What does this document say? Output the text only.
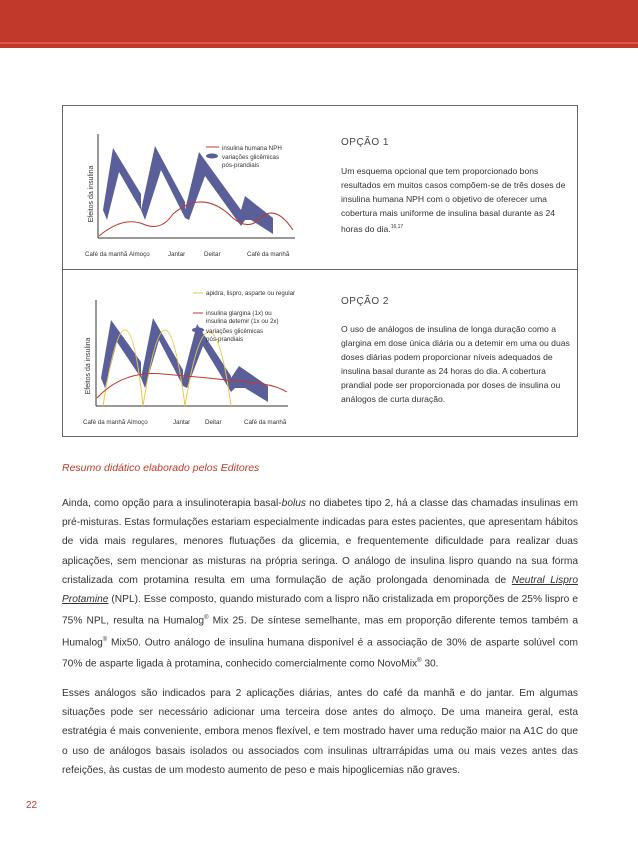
Efeitos da insulina
insulina humana NPH
variações glicêmicas pós-prandiais
Café da manhã Almoço	Jantar	Deitar	Café da manhã
OPÇÃO 1

Um esquema opcional que tem proporcionado bons resultados em muitos casos compõem-se de três doses de insulina humana NPH com o objetivo de oferecer uma cobertura mais uniforme de insulina basal durante as 24 horas do dia.$^{16,17}$

Efeitos da insulina
apidra, lispro, asparte ou regular
insulina glargina (1x) ou insulina detemir (1x ou 2x)
variações glicêmicas pós-prandiais
Café da manhã Almoço	Jantar Deitar	Café da manhã
OPÇÃO 2

O uso de análogos de insulina de longa duração como a glargina em dose única diária ou a detemir em uma ou duas doses diárias podem proporcionar níveis adequados de insulina basal durante as 24 horas do dia. A cobertura prandial pode ser proporcionada por doses de insulina ou análogos de curta duração.

Resumo didático elaborado pelos Editores

Ainda, como opção para a insulinoterapia basal-bolus no diabetes tipo 2, há a classe das chamadas insulinas em pré-misturas. Estas formulações estariam especialmente indicadas para estes pacientes, que apresentam hábitos de vida mais regulares, menores flutuações da glicemia, e frequentemente dificuldade para realizar duas aplicações, sem mencionar as misturas na própria seringa. O análogo de insulina lispro quando na sua forma cristalizada com protamina resulta em uma formulação de ação prolongada denominada de Neutral Lispro Protamine (NPL). Esse composto, quando misturado com a lispro não cristalizada em proporções de 25% lispro e 75% NPL, resulta na Humalog® Mix 25. De síntese semelhante, mas em proporção diferente temos também a Humalog® Mix50. Outro análogo de insulina humana disponível é a associação de 30% de asparte solúvel com 70% de asparte ligada à protamina, conhecido comercialmente como NovoMix® 30.

Esses análogos são indicados para 2 aplicações diárias, antes do café da manhã e do jantar. Em algumas situações pode ser necessário adicionar uma terceira dose antes do almoço. De uma maneira geral, esta estratégia é mais conveniente, embora menos flexível, e tem mostrado haver uma redução maior na A1C do que o uso de análogos basais isolados ou associados com insulinas ultrarrápidas uma ou mais vezes antes das refeições, às custas de um modesto aumento de peso e mais hipoglicemias não graves.

22
